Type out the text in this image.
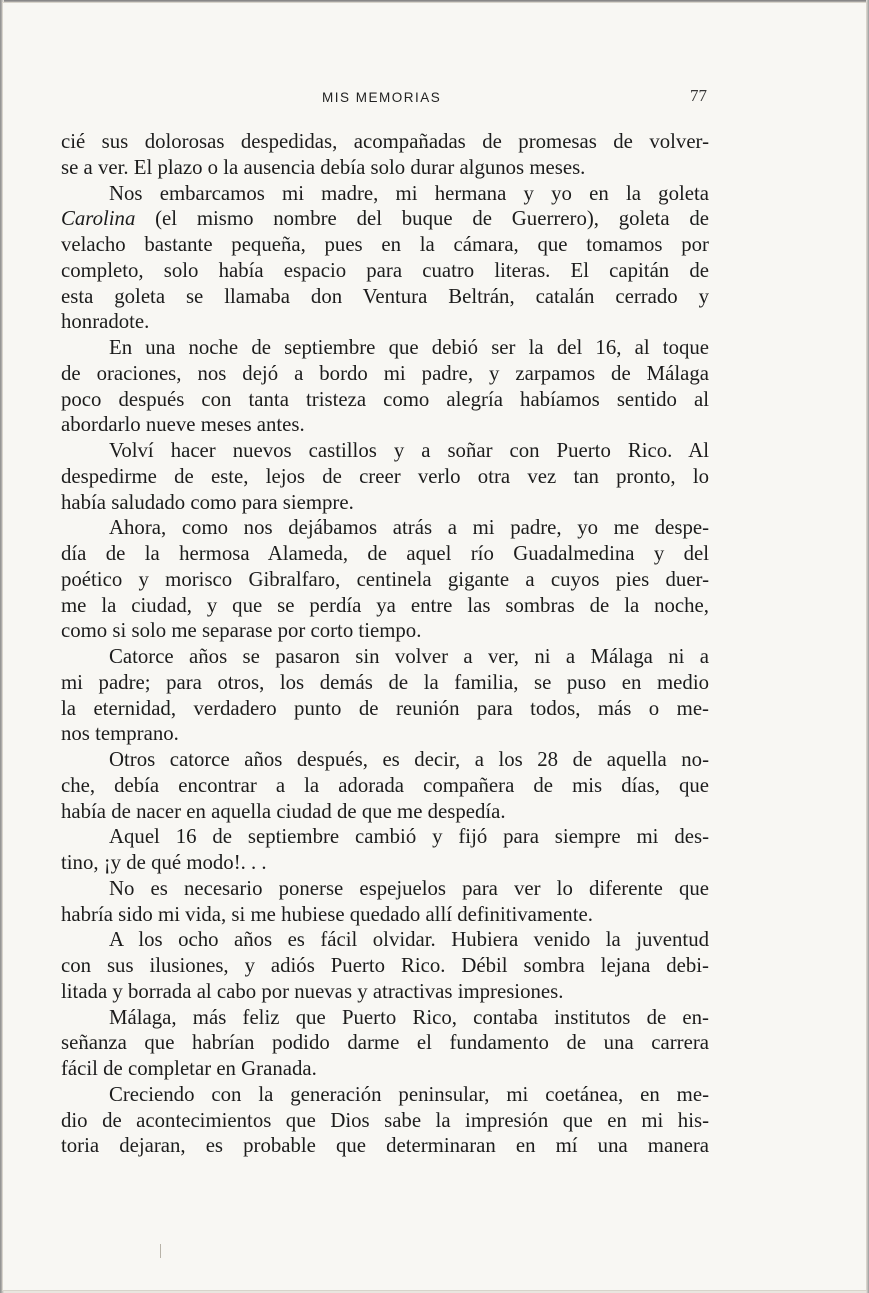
MIS MEMORIAS	77

cié sus dolorosas despedidas, acompañadas de promesas de volver-

se a ver. El plazo o la ausencia debía solo durar algunos meses.

Nos embarcamos mi madre, mi hermana y yo en la goleta

Carolina (el mismo nombre del buque de Guerrero), goleta de

velacho bastante pequeña, pues en la cámara, que tomamos por

completo, solo había espacio para cuatro literas. El capitán de

esta goleta se llamaba don Ventura Beltrán, catalán cerrado y

honradote.

En una noche de septiembre que debió ser la del 16, al toque

de oraciones, nos dejó a bordo mi padre, y zarpamos de Málaga

poco después con tanta tristeza como alegría habíamos sentido al

abordarlo nueve meses antes.

Volví hacer nuevos castillos y a soñar con Puerto Rico. Al

despedirme de este, lejos de creer verlo otra vez tan pronto, lo

había saludado como para siempre.

Ahora, como nos dejábamos atrás a mi padre, yo me despe-

día de la hermosa Alameda, de aquel río Guadalmedina y del

poético y morisco Gibralfaro, centinela gigante a cuyos pies duer-

me la ciudad, y que se perdía ya entre las sombras de la noche,

como si solo me separase por corto tiempo.

Catorce años se pasaron sin volver a ver, ni a Málaga ni a

mi padre; para otros, los demás de la familia, se puso en medio

la eternidad, verdadero punto de reunión para todos, más o me-

nos temprano.

Otros catorce años después, es decir, a los 28 de aquella no-

che, debía encontrar a la adorada compañera de mis días, que

había de nacer en aquella ciudad de que me despedía.

Aquel 16 de septiembre cambió y fijó para siempre mi des-

tino, ¡y de qué modo!. . .

No es necesario ponerse espejuelos para ver lo diferente que

habría sido mi vida, si me hubiese quedado allí definitivamente.

A los ocho años es fácil olvidar. Hubiera venido la juventud

con sus ilusiones, y adiós Puerto Rico. Débil sombra lejana debi-

litada y borrada al cabo por nuevas y atractivas impresiones.

Málaga, más feliz que Puerto Rico, contaba institutos de en-

señanza que habrían podido darme el fundamento de una carrera

fácil de completar en Granada.

Creciendo con la generación peninsular, mi coetánea, en me-

dio de acontecimientos que Dios sabe la impresión que en mi his-

toria dejaran, es probable que determinaran en mí una manera
